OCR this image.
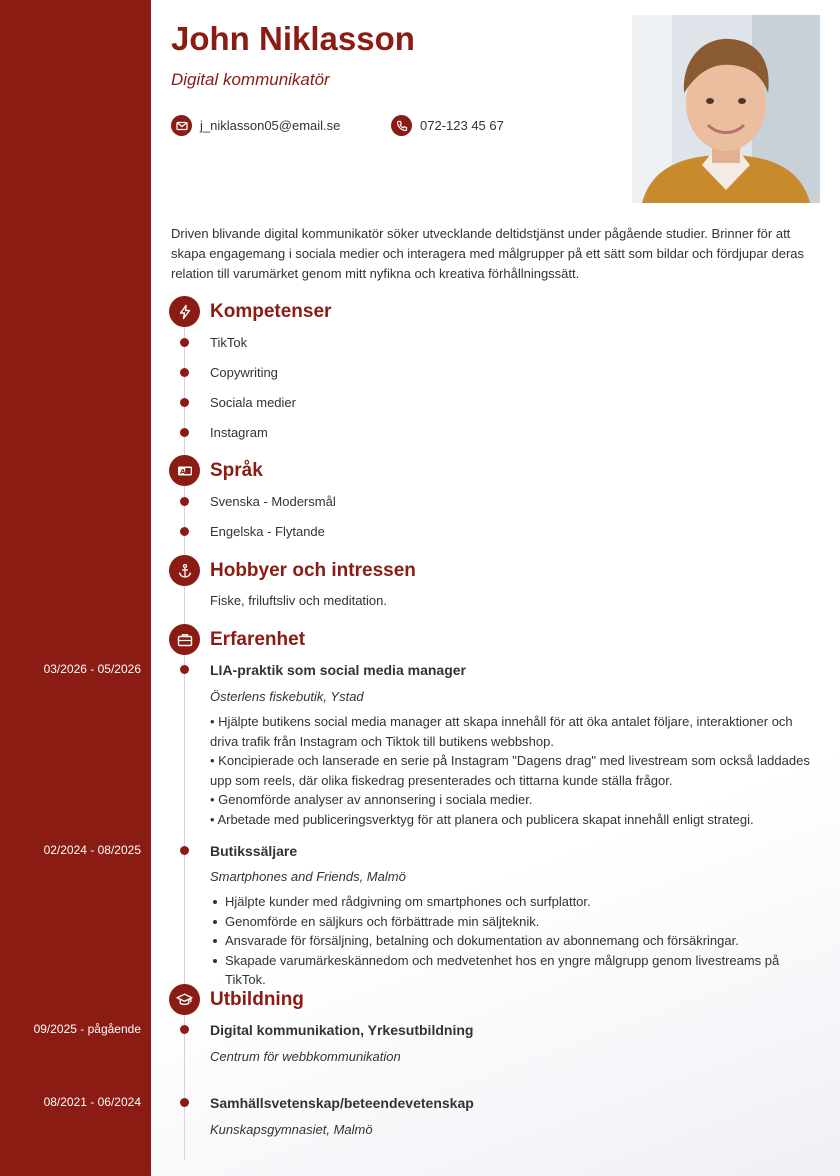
John Niklasson
Digital kommunikatör
j_niklasson05@email.se	072-123 45 67
Driven blivande digital kommunikatör söker utvecklande deltidstjänst under pågående studier. Brinner för att skapa engagemang i sociala medier och interagera med målgrupper på ett sätt som bildar och fördjupar deras relation till varumärket genom mitt nyfikna och kreativa förhållningssätt.
Kompetenser
TikTok
Copywriting
Sociala medier
Instagram
A Språk
Svenska - Modersmål
Engelska - Flytande
Hobbyer och intressen
Fiske, friluftsliv och meditation.
Erfarenhet
03/2026 - 05/2026	LIA-praktik som social media manager
Österlens fiskebutik, Ystad
• Hjälpte butikens social media manager att skapa innehåll för att öka antalet följare, interaktioner och driva trafik från Instagram och Tiktok till butikens webbshop.
• Koncipierade och lanserade en serie på Instagram "Dagens drag" med livestream som också laddades upp som reels, där olika fiskedrag presenterades och tittarna kunde ställa frågor.
• Genomförde analyser av annonsering i sociala medier.
• Arbetade med publiceringsverktyg för att planera och publicera skapat innehåll enligt strategi.
02/2024 - 08/2025	Butikssäljare
Smartphones and Friends, Malmö
Hjälpte kunder med rådgivning om smartphones och surfplattor.
Genomförde en säljkurs och förbättrade min säljteknik.
Ansvarade för försäljning, betalning och dokumentation av abonnemang och försäkringar.
Skapade varumärkeskännedom och medvetenhet hos en yngre målgrupp genom livestreams på TikTok.
Utbildning
09/2025 - pågående	Digital kommunikation, Yrkesutbildning
Centrum för webbkommunikation
08/2021 - 06/2024	Samhällsvetenskap/beteendevetenskap
Kunskapsgymnasiet, Malmö
